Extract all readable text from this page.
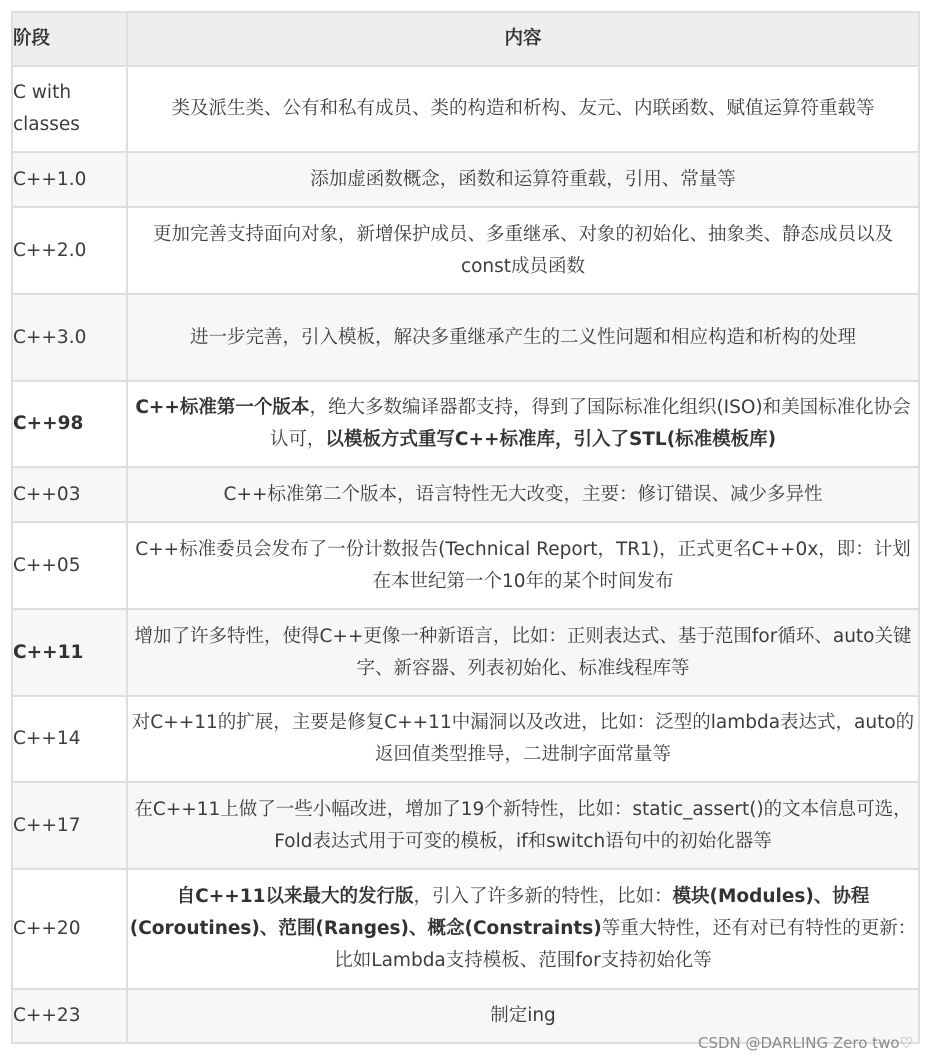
阶段	内容
C with classes	类及派生类、公有和私有成员、类的构造和析构、友元、内联函数、赋值运算符重载等
C++1.0	添加虚函数概念，函数和运算符重载，引用、常量等
C++2.0	更加完善支持面向对象，新增保护成员、多重继承、对象的初始化、抽象类、静态成员以及const成员函数
C++3.0	进一步完善，引入模板，解决多重继承产生的二义性问题和相应构造和析构的处理
C++98	C++标准第一个版本，绝大多数编译器都支持，得到了国际标准化组织(ISO)和美国标准化协会认可，以模板方式重写C++标准库，引入了STL(标准模板库)
C++03	C++标准第二个版本，语言特性无大改变，主要：修订错误、减少多异性
C++05	C++标准委员会发布了一份计数报告(Technical Report，TR1)，正式更名C++0x，即：计划在本世纪第一个10年的某个时间发布
C++11	增加了许多特性，使得C++更像一种新语言，比如：正则表达式、基于范围for循环、auto关键字、新容器、列表初始化、标准线程库等
C++14	对C++11的扩展，主要是修复C++11中漏洞以及改进，比如：泛型的lambda表达式，auto的返回值类型推导，二进制字面常量等
C++17	在C++11上做了一些小幅改进，增加了19个新特性，比如：static_assert()的文本信息可选，Fold表达式用于可变的模板，if和switch语句中的初始化器等
C++20	自C++11以来最大的发行版，引入了许多新的特性，比如：模块(Modules)、协程(Coroutines)、范围(Ranges)、概念(Constraints)等重大特性，还有对已有特性的更新：比如Lambda支持模板、范围for支持初始化等
C++23	制定ing
CSDN @DARLING Zero two♡
